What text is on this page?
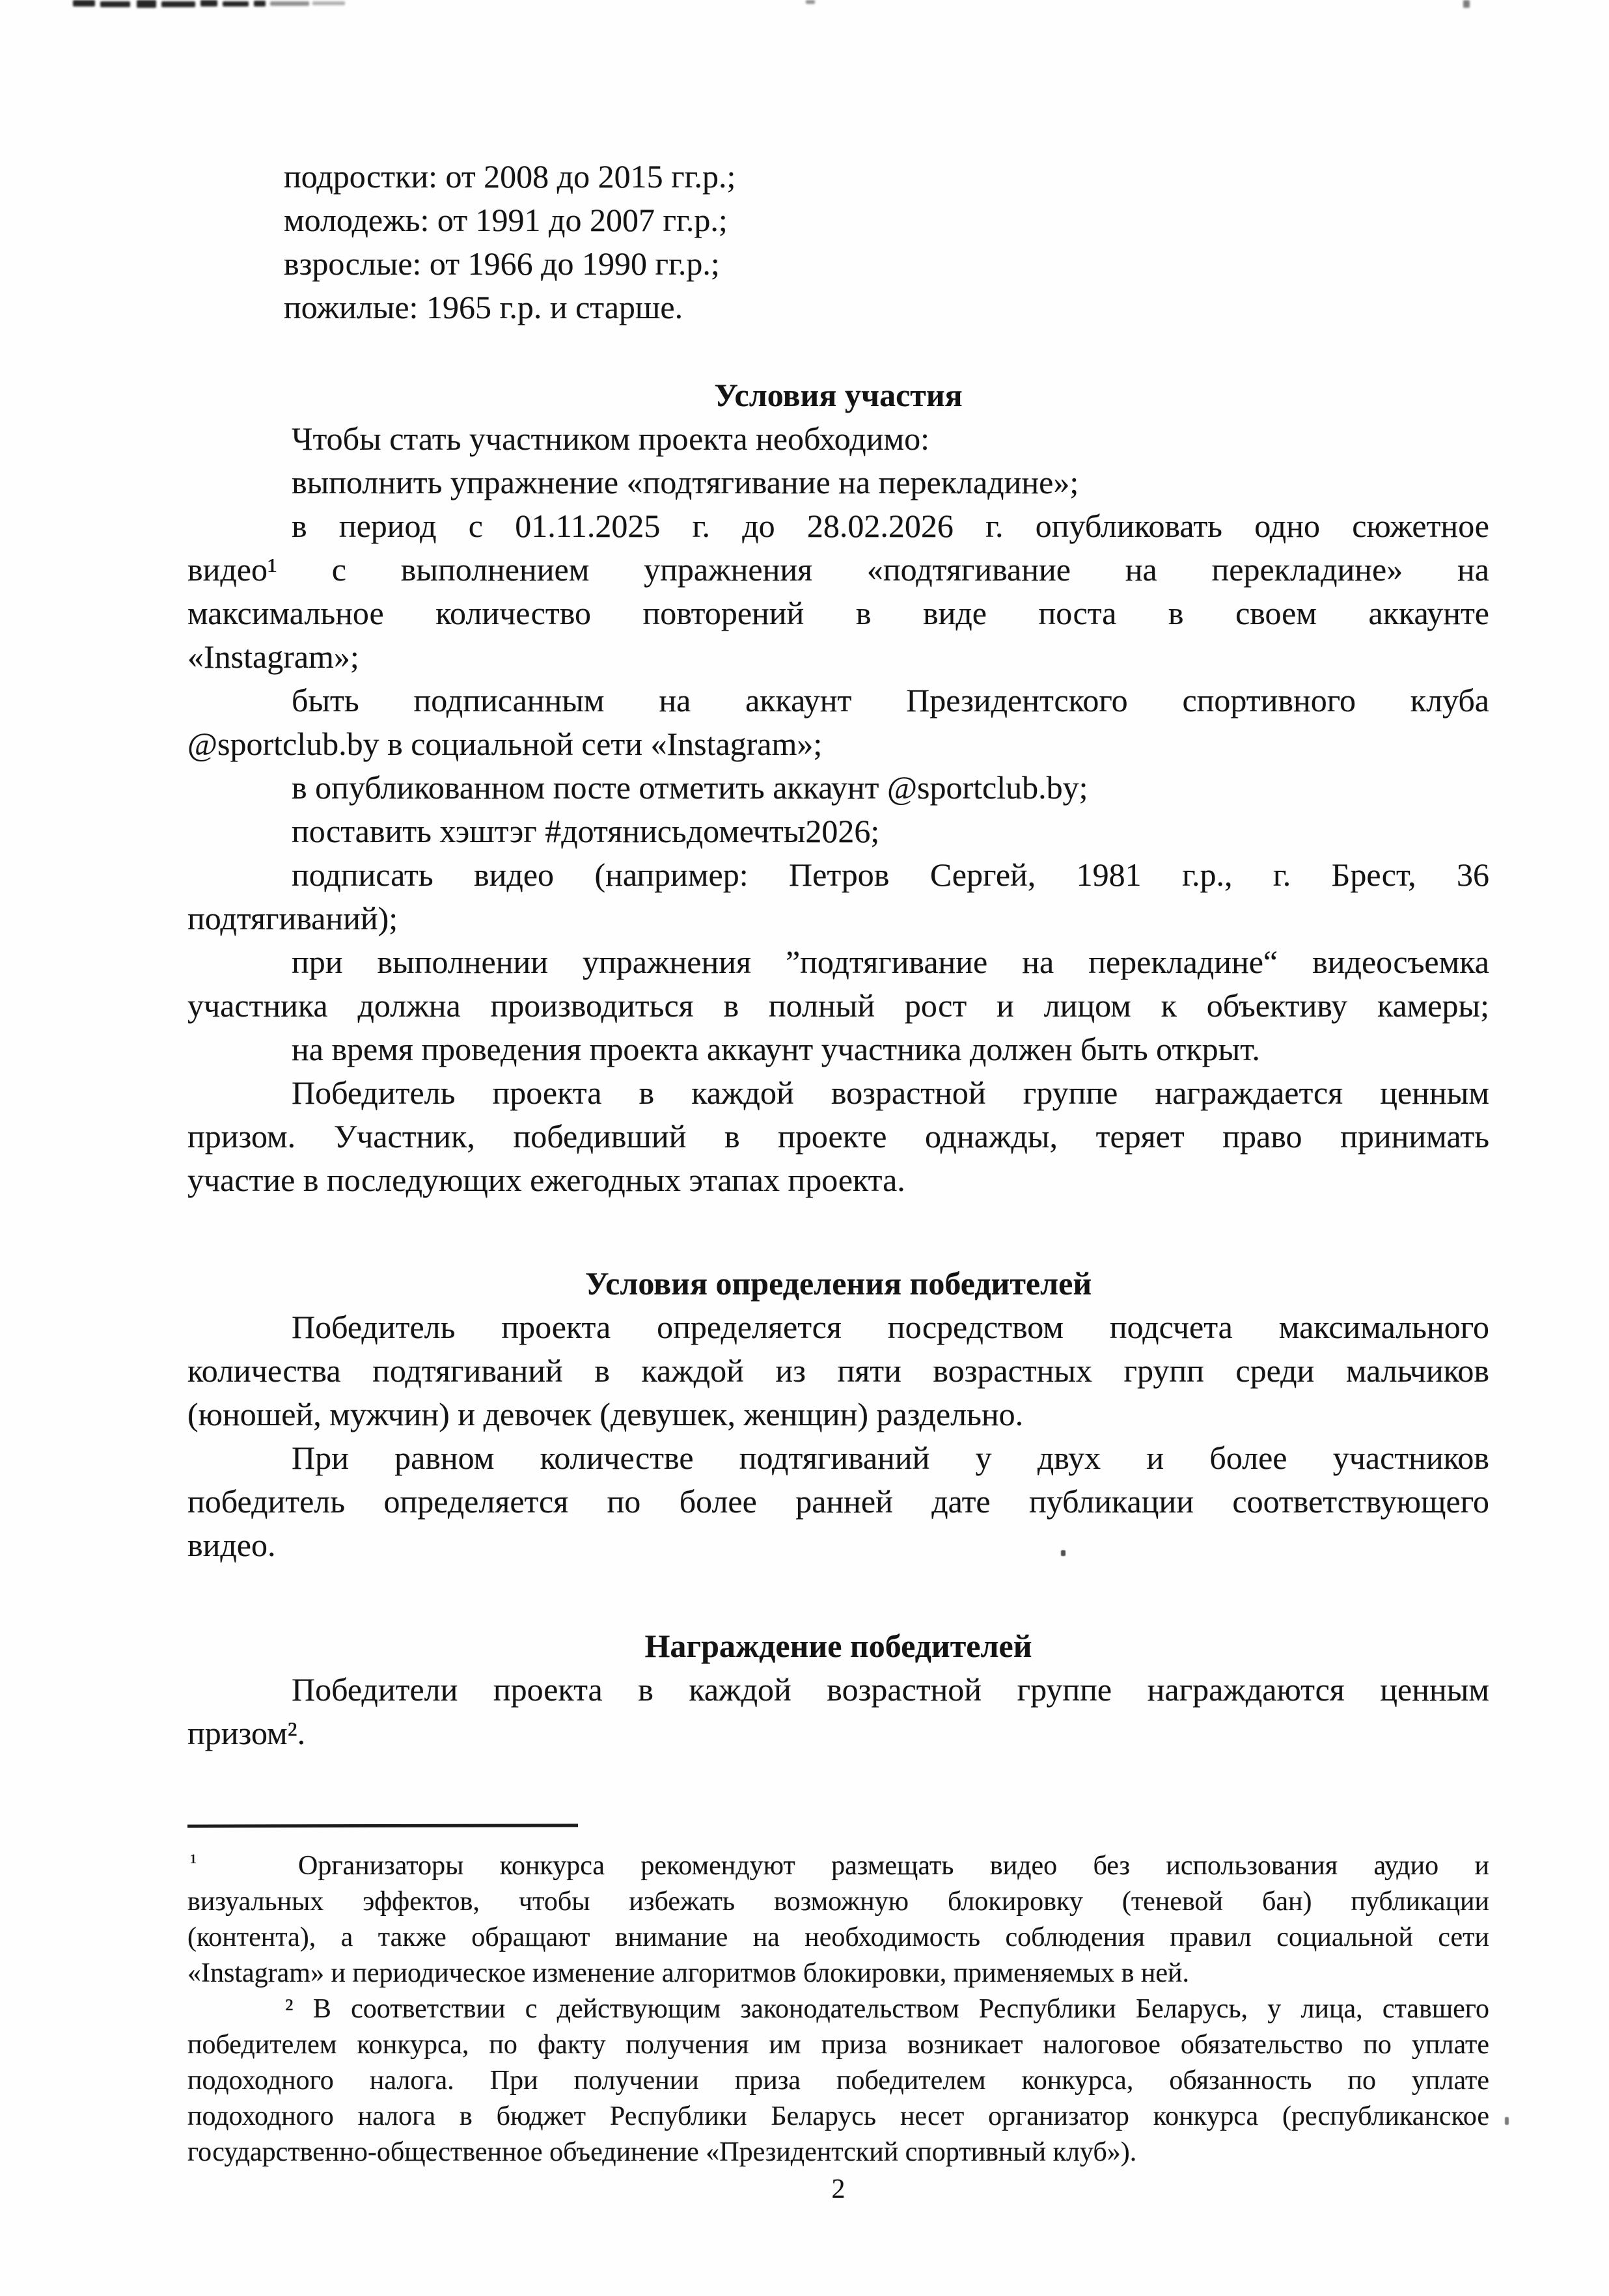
подростки: от 2008 до 2015 гг.р.;
молодежь: от 1991 до 2007 гг.р.;
взрослые: от 1966 до 1990 гг.р.;
пожилые: 1965 г.р. и старше.
Условия участия
Чтобы стать участником проекта необходимо:
выполнить упражнение «подтягивание на перекладине»;
в период с 01.11.2025 г. до 28.02.2026 г. опубликовать одно сюжетное
видео¹ с выполнением упражнения «подтягивание на перекладине» на
максимальное количество повторений в виде поста в своем аккаунте
«Instagram»;
быть подписанным на аккаунт Президентского спортивного клуба
@sportclub.by в социальной сети «Instagram»;
в опубликованном посте отметить аккаунт @sportclub.by;
поставить хэштэг #дотянисьдомечты2026;
подписать видео (например: Петров Сергей, 1981 г.р., г. Брест, 36
подтягиваний);
при выполнении упражнения ”подтягивание на перекладине“ видеосъемка
участника должна производиться в полный рост и лицом к объективу камеры;
на время проведения проекта аккаунт участника должен быть открыт.
Победитель проекта в каждой возрастной группе награждается ценным
призом. Участник, победивший в проекте однажды, теряет право принимать
участие в последующих ежегодных этапах проекта.
Условия определения победителей
Победитель проекта определяется посредством подсчета максимального
количества подтягиваний в каждой из пяти возрастных групп среди мальчиков
(юношей, мужчин) и девочек (девушек, женщин) раздельно.
При равном количестве подтягиваний у двух и более участников
победитель определяется по более ранней дате публикации соответствующего
видео.
Награждение победителей
Победители проекта в каждой возрастной группе награждаются ценным
призом².
¹	Организаторы конкурса рекомендуют размещать видео без использования аудио и
визуальных эффектов, чтобы избежать возможную блокировку (теневой бан) публикации
(контента), а также обращают внимание на необходимость соблюдения правил социальной сети
«Instagram» и периодическое изменение алгоритмов блокировки, применяемых в ней.
² В соответствии с действующим законодательством Республики Беларусь, у лица, ставшего
победителем конкурса, по факту получения им приза возникает налоговое обязательство по уплате
подоходного налога. При получении приза победителем конкурса, обязанность по уплате
подоходного налога в бюджет Республики Беларусь несет организатор конкурса (республиканское
государственно-общественное объединение «Президентский спортивный клуб»).
2
